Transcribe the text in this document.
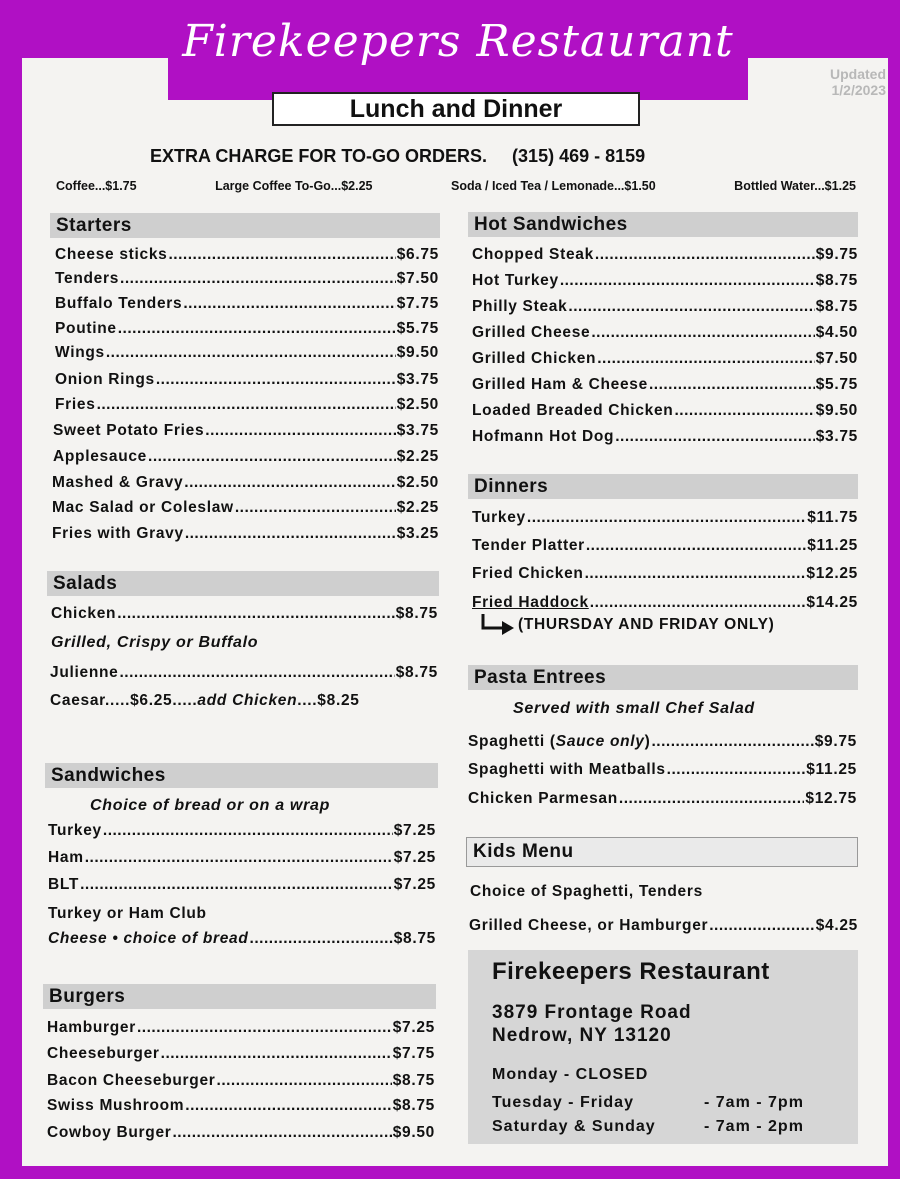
Firekeepers Restaurant
Lunch and Dinner
Updated
1/2/2023
EXTRA CHARGE FOR TO-GO ORDERS. (315) 469 - 8159
Coffee...$1.75	Large Coffee To-Go...$2.25	Soda / Iced Tea / Lemonade...$1.50	Bottled Water...$1.25
Starters
Cheese sticks .....	$6.75
Tenders .....	$7.50
Buffalo Tenders .....	$7.75
Poutine .....	$5.75
Wings .....	$9.50
Onion Rings .....	$3.75
Fries .....	$2.50
Sweet Potato Fries .....	$3.75
Applesauce .....	$2.25
Mashed & Gravy .....	$2.50
Mac Salad or Coleslaw .....	$2.25
Fries with Gravy .....	$3.25
Salads
Chicken .....	$8.75
Grilled, Crispy or Buffalo
Julienne .....	$8.75
Caesar.....$6.25.....add Chicken....$8.25
Sandwiches
Choice of bread or on a wrap
Turkey .....	$7.25
Ham .....	$7.25
BLT .....	$7.25
Turkey or Ham Club
Cheese • choice of bread .....	$8.75
Burgers
Hamburger .....	$7.25
Cheeseburger .....	$7.75
Bacon Cheeseburger .....	$8.75
Swiss Mushroom .....	$8.75
Cowboy Burger .....	$9.50
Hot Sandwiches
Chopped Steak .....	$9.75
Hot Turkey .....	$8.75
Philly Steak .....	$8.75
Grilled Cheese .....	$4.50
Grilled Chicken .....	$7.50
Grilled Ham & Cheese .....	$5.75
Loaded Breaded Chicken .....	$9.50
Hofmann Hot Dog .....	$3.75
Dinners
Turkey .....	$11.75
Tender Platter .....	$11.25
Fried Chicken .....	$12.25
Fried Haddock .....	$14.25
(THURSDAY AND FRIDAY ONLY)
Pasta Entrees
Served with small Chef Salad
Spaghetti (Sauce only) .....	$9.75
Spaghetti with Meatballs .....	$11.25
Chicken Parmesan .....	$12.75
Kids Menu
Choice of Spaghetti, Tenders
Grilled Cheese, or Hamburger .....	$4.25
Firekeepers Restaurant
3879 Frontage Road
Nedrow, NY 13120
Monday - CLOSED
Tuesday - Friday	- 7am - 7pm
Saturday & Sunday	- 7am - 2pm
